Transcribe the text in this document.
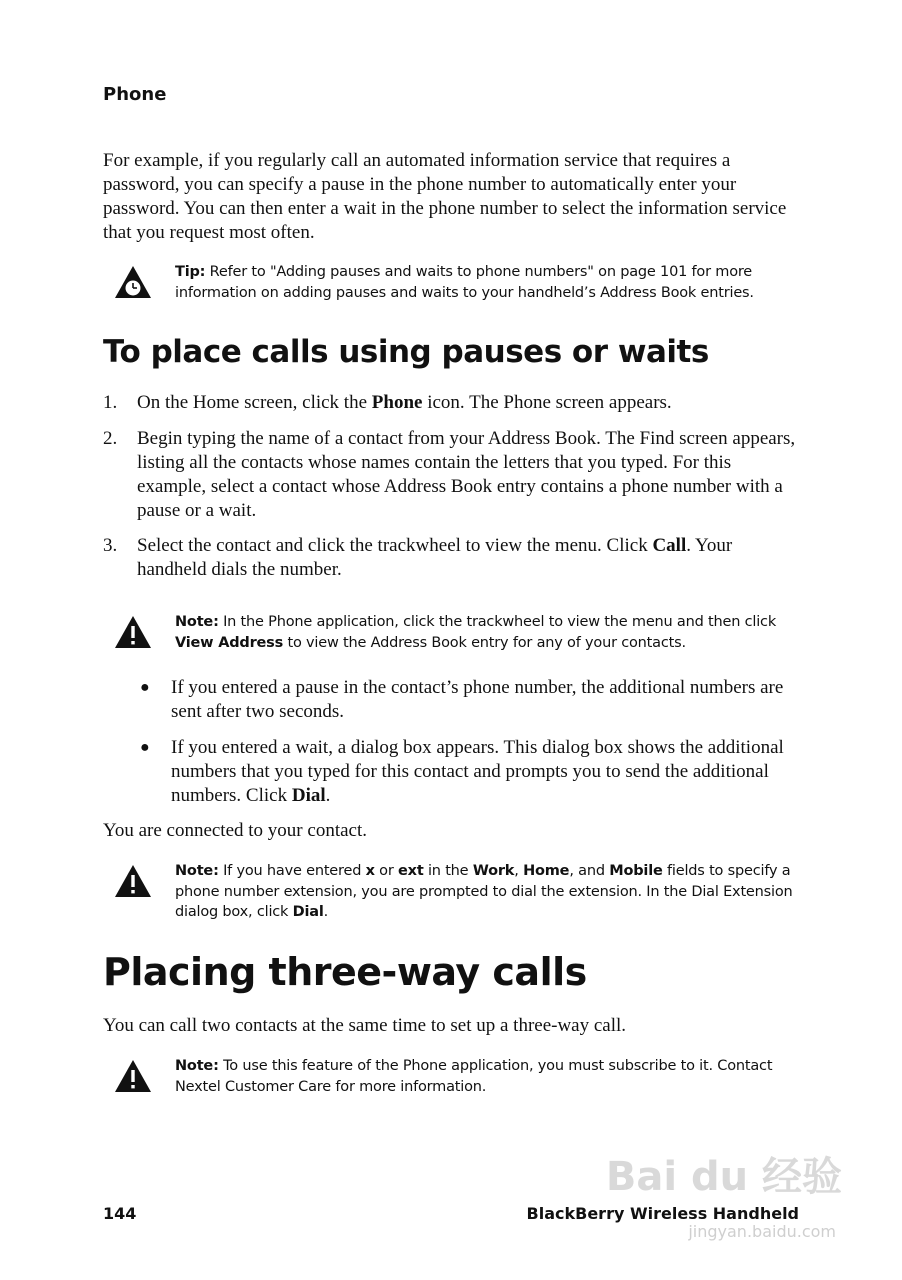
Phone
For example, if you regularly call an automated information service that requires a password, you can specify a pause in the phone number to automatically enter your password. You can then enter a wait in the phone number to select the information service that you request most often.
Tip: Refer to "Adding pauses and waits to phone numbers" on page 101 for more information on adding pauses and waits to your handheld’s Address Book entries.
To place calls using pauses or waits
1.	On the Home screen, click the Phone icon. The Phone screen appears.
2.	Begin typing the name of a contact from your Address Book. The Find screen appears, listing all the contacts whose names contain the letters that you typed. For this example, select a contact whose Address Book entry contains a phone number with a pause or a wait.
3.	Select the contact and click the trackwheel to view the menu. Click Call. Your handheld dials the number.
Note: In the Phone application, click the trackwheel to view the menu and then click View Address to view the Address Book entry for any of your contacts.
●	If you entered a pause in the contact’s phone number, the additional numbers are sent after two seconds.
●	If you entered a wait, a dialog box appears. This dialog box shows the additional numbers that you typed for this contact and prompts you to send the additional numbers. Click Dial.
You are connected to your contact.
Note: If you have entered x or ext in the Work, Home, and Mobile fields to specify a phone number extension, you are prompted to dial the extension. In the Dial Extension dialog box, click Dial.
Placing three-way calls
You can call two contacts at the same time to set up a three-way call.
Note: To use this feature of the Phone application, you must subscribe to it. Contact Nextel Customer Care for more information.
Bai du 经验
jingyan.baidu.com
144	BlackBerry Wireless Handheld
